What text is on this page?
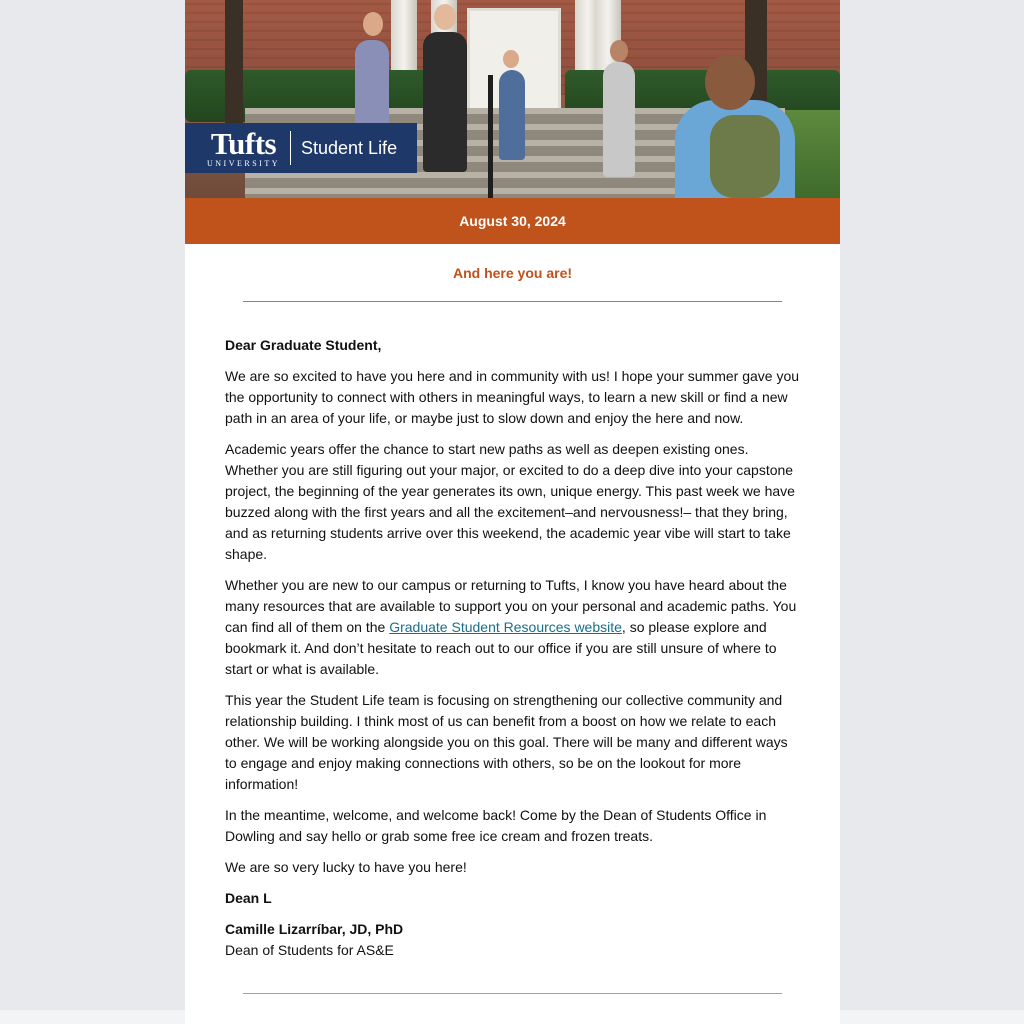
Tufts
UNIVERSITY
Student Life
August 30, 2024
And here you are!

Dear Graduate Student,

We are so excited to have you here and in community with us! I hope your summer gave you the opportunity to connect with others in meaningful ways, to learn a new skill or find a new path in an area of your life, or maybe just to slow down and enjoy the here and now.

Academic years offer the chance to start new paths as well as deepen existing ones. Whether you are still figuring out your major, or excited to do a deep dive into your capstone project, the beginning of the year generates its own, unique energy. This past week we have buzzed along with the first years and all the excitement–and nervousness!– that they bring, and as returning students arrive over this weekend, the academic year vibe will start to take shape.

Whether you are new to our campus or returning to Tufts, I know you have heard about the many resources that are available to support you on your personal and academic paths. You can find all of them on the Graduate Student Resources website, so please explore and bookmark it. And don’t hesitate to reach out to our office if you are still unsure of where to start or what is available.

This year the Student Life team is focusing on strengthening our collective community and relationship building. I think most of us can benefit from a boost on how we relate to each other. We will be working alongside you on this goal. There will be many and different ways to engage and enjoy making connections with others, so be on the lookout for more information!

In the meantime, welcome, and welcome back! Come by the Dean of Students Office in Dowling and say hello or grab some free ice cream and frozen treats.

We are so very lucky to have you here!

Dean L

Camille Lizarríbar, JD, PhD
Dean of Students for AS&E
